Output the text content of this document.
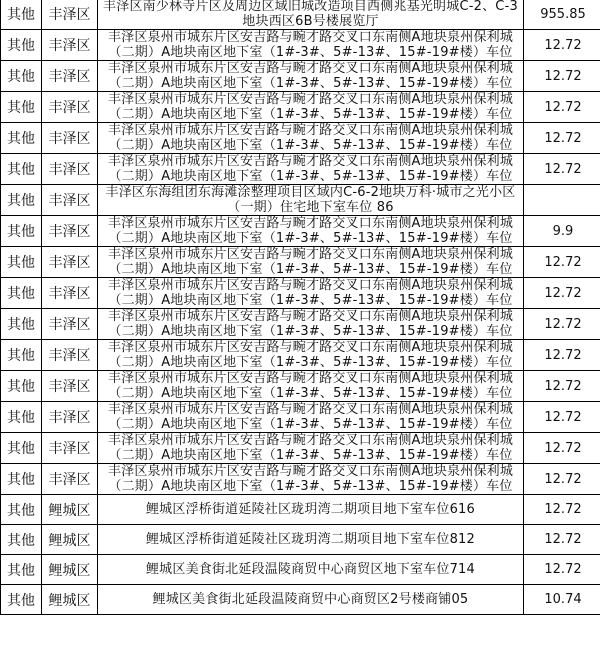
其他	丰泽区	丰泽区南少林寺片区及周边区域旧城改造项目西侧兆基光明城C-2、C-3地块西区6B号楼展览厅	955.85
其他	丰泽区	丰泽区泉州市城东片区安吉路与畹才路交叉口东南侧A地块泉州保利城（二期）A地块南区地下室（1#-3#、5#-13#、15#-19#楼）车位	12.72
其他	丰泽区	丰泽区泉州市城东片区安吉路与畹才路交叉口东南侧A地块泉州保利城（二期）A地块南区地下室（1#-3#、5#-13#、15#-19#楼）车位	12.72
其他	丰泽区	丰泽区泉州市城东片区安吉路与畹才路交叉口东南侧A地块泉州保利城（二期）A地块南区地下室（1#-3#、5#-13#、15#-19#楼）车位	12.72
其他	丰泽区	丰泽区泉州市城东片区安吉路与畹才路交叉口东南侧A地块泉州保利城（二期）A地块南区地下室（1#-3#、5#-13#、15#-19#楼）车位	12.72
其他	丰泽区	丰泽区泉州市城东片区安吉路与畹才路交叉口东南侧A地块泉州保利城（二期）A地块南区地下室（1#-3#、5#-13#、15#-19#楼）车位	12.72
其他	丰泽区	丰泽区东海组团东海滩涂整理项目区域内C-6-2地块万科·城市之光小区（一期）住宅地下室车位 86	
其他	丰泽区	丰泽区泉州市城东片区安吉路与畹才路交叉口东南侧A地块泉州保利城（二期）A地块南区地下室（1#-3#、5#-13#、15#-19#楼）车位	9.9
其他	丰泽区	丰泽区泉州市城东片区安吉路与畹才路交叉口东南侧A地块泉州保利城（二期）A地块南区地下室（1#-3#、5#-13#、15#-19#楼）车位	12.72
其他	丰泽区	丰泽区泉州市城东片区安吉路与畹才路交叉口东南侧A地块泉州保利城（二期）A地块南区地下室（1#-3#、5#-13#、15#-19#楼）车位	12.72
其他	丰泽区	丰泽区泉州市城东片区安吉路与畹才路交叉口东南侧A地块泉州保利城（二期）A地块南区地下室（1#-3#、5#-13#、15#-19#楼）车位	12.72
其他	丰泽区	丰泽区泉州市城东片区安吉路与畹才路交叉口东南侧A地块泉州保利城（二期）A地块南区地下室（1#-3#、5#-13#、15#-19#楼）车位	12.72
其他	丰泽区	丰泽区泉州市城东片区安吉路与畹才路交叉口东南侧A地块泉州保利城（二期）A地块南区地下室（1#-3#、5#-13#、15#-19#楼）车位	12.72
其他	丰泽区	丰泽区泉州市城东片区安吉路与畹才路交叉口东南侧A地块泉州保利城（二期）A地块南区地下室（1#-3#、5#-13#、15#-19#楼）车位	12.72
其他	丰泽区	丰泽区泉州市城东片区安吉路与畹才路交叉口东南侧A地块泉州保利城（二期）A地块南区地下室（1#-3#、5#-13#、15#-19#楼）车位	12.72
其他	丰泽区	丰泽区泉州市城东片区安吉路与畹才路交叉口东南侧A地块泉州保利城（二期）A地块南区地下室（1#-3#、5#-13#、15#-19#楼）车位	12.72
其他	鲤城区	鲤城区浮桥街道延陵社区珑玥湾二期项目地下室车位616	12.72
其他	鲤城区	鲤城区浮桥街道延陵社区珑玥湾二期项目地下室车位812	12.72
其他	鲤城区	鲤城区美食街北延段温陵商贸中心商贸区地下室车位714	12.72
其他	鲤城区	鲤城区美食街北延段温陵商贸中心商贸区2号楼商铺05	10.74
